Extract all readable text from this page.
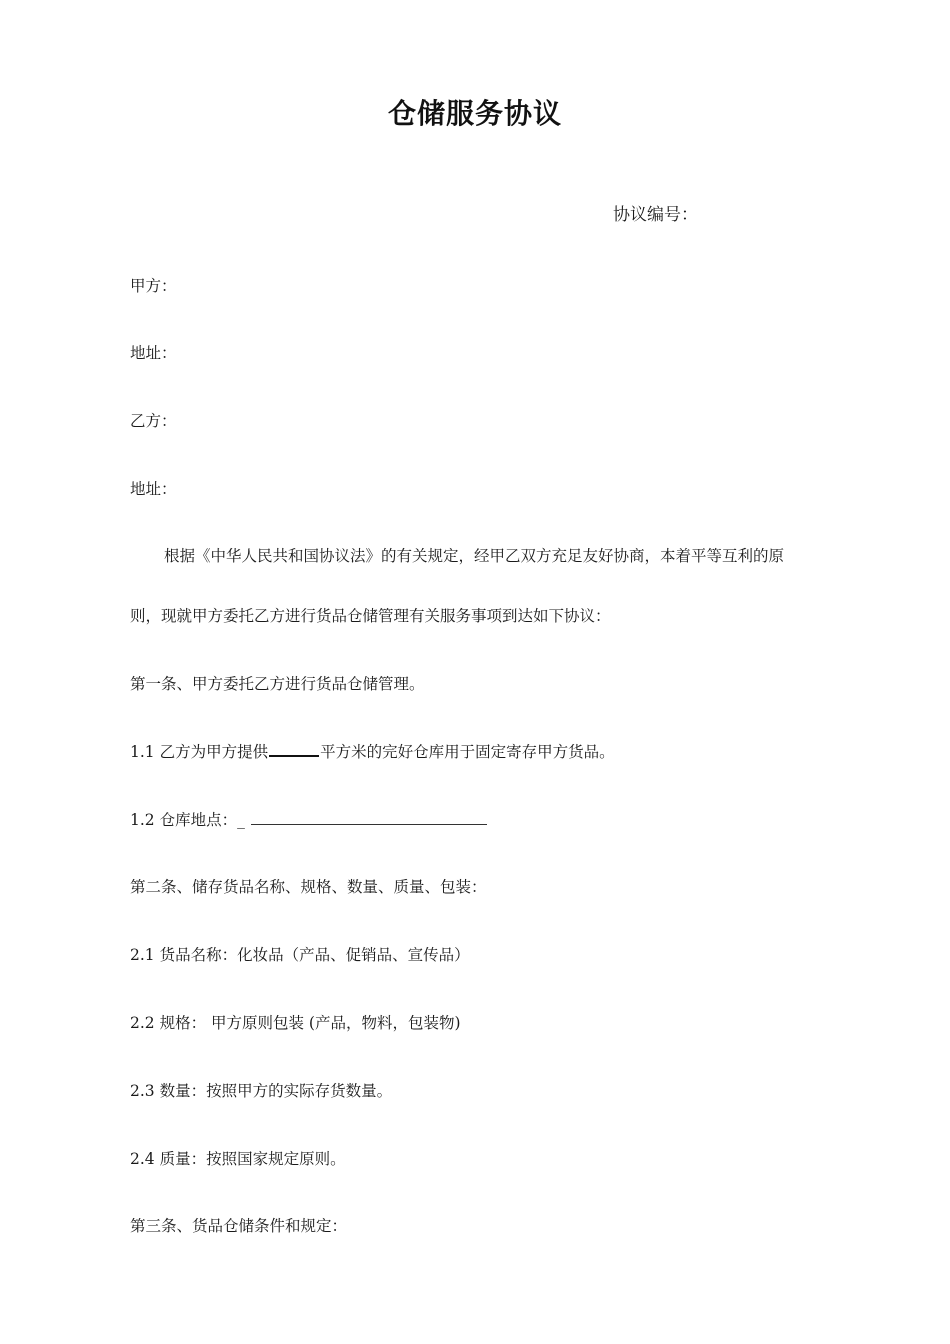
仓储服务协议
协议编号：
甲方：
地址：
乙方：
地址：
根据《中华人民共和国协议法》的有关规定，经甲乙双方充足友好协商，本着平等互利的原
则，现就甲方委托乙方进行货品仓储管理有关服务事项到达如下协议：
第一条、甲方委托乙方进行货品仓储管理。
1.1 乙方为甲方提供	平方米的完好仓库用于固定寄存甲方货品。
1.2 仓库地点：_
第二条、储存货品名称、规格、数量、质量、包装：
2.1 货品名称：化妆品（产品、促销品、宣传品）
2.2 规格： 甲方原则包装 (产品，物料，包装物)
2.3 数量：按照甲方的实际存货数量。
2.4 质量：按照国家规定原则。
第三条、货品仓储条件和规定：
